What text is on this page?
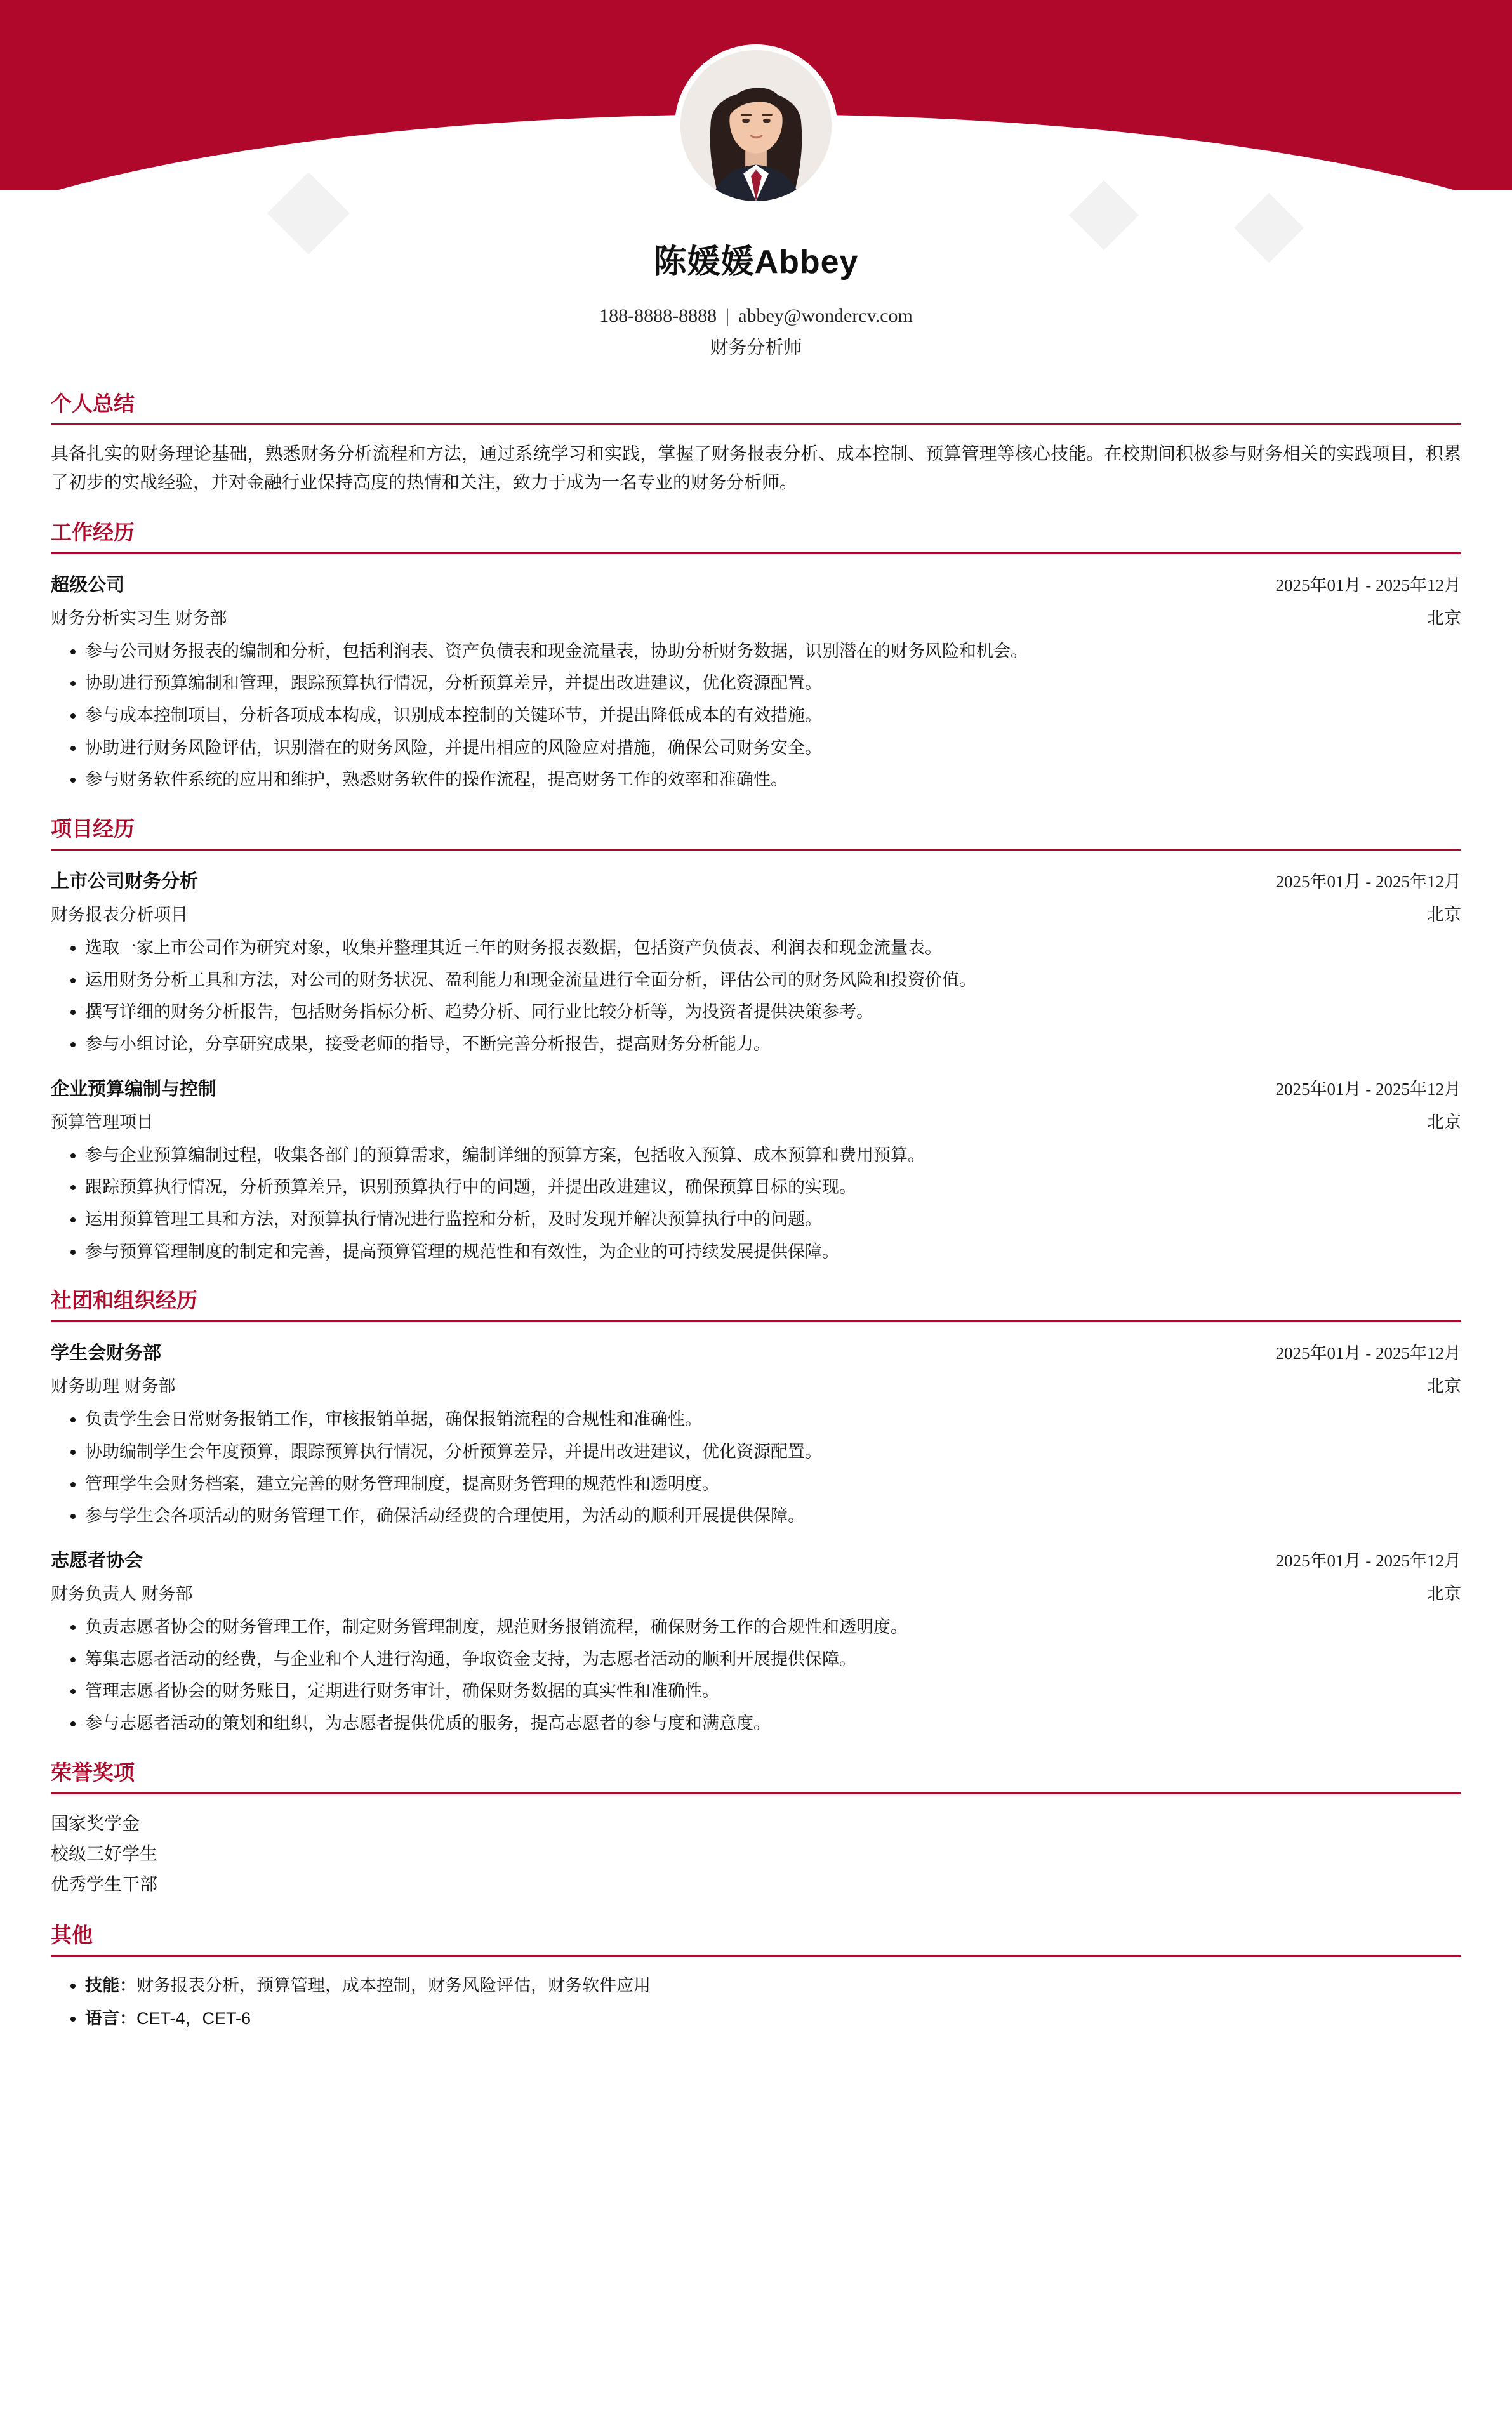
陈媛媛Abbey
188-8888-8888 | abbey@wondercv.com
财务分析师
个人总结
具备扎实的财务理论基础，熟悉财务分析流程和方法，通过系统学习和实践，掌握了财务报表分析、成本控制、预算管理等核心技能。在校期间积极参与财务相关的实践项目，积累了初步的实战经验，并对金融行业保持高度的热情和关注，致力于成为一名专业的财务分析师。
工作经历
超级公司	2025年01月 - 2025年12月
财务分析实习生 财务部	北京
• 参与公司财务报表的编制和分析，包括利润表、资产负债表和现金流量表，协助分析财务数据，识别潜在的财务风险和机会。
• 协助进行预算编制和管理，跟踪预算执行情况，分析预算差异，并提出改进建议，优化资源配置。
• 参与成本控制项目，分析各项成本构成，识别成本控制的关键环节，并提出降低成本的有效措施。
• 协助进行财务风险评估，识别潜在的财务风险，并提出相应的风险应对措施，确保公司财务安全。
• 参与财务软件系统的应用和维护，熟悉财务软件的操作流程，提高财务工作的效率和准确性。
项目经历
上市公司财务分析	2025年01月 - 2025年12月
财务报表分析项目	北京
• 选取一家上市公司作为研究对象，收集并整理其近三年的财务报表数据，包括资产负债表、利润表和现金流量表。
• 运用财务分析工具和方法，对公司的财务状况、盈利能力和现金流量进行全面分析，评估公司的财务风险和投资价值。
• 撰写详细的财务分析报告，包括财务指标分析、趋势分析、同行业比较分析等，为投资者提供决策参考。
• 参与小组讨论，分享研究成果，接受老师的指导，不断完善分析报告，提高财务分析能力。
企业预算编制与控制	2025年01月 - 2025年12月
预算管理项目	北京
• 参与企业预算编制过程，收集各部门的预算需求，编制详细的预算方案，包括收入预算、成本预算和费用预算。
• 跟踪预算执行情况，分析预算差异，识别预算执行中的问题，并提出改进建议，确保预算目标的实现。
• 运用预算管理工具和方法，对预算执行情况进行监控和分析，及时发现并解决预算执行中的问题。
• 参与预算管理制度的制定和完善，提高预算管理的规范性和有效性，为企业的可持续发展提供保障。
社团和组织经历
学生会财务部	2025年01月 - 2025年12月
财务助理 财务部	北京
• 负责学生会日常财务报销工作，审核报销单据，确保报销流程的合规性和准确性。
• 协助编制学生会年度预算，跟踪预算执行情况，分析预算差异，并提出改进建议，优化资源配置。
• 管理学生会财务档案，建立完善的财务管理制度，提高财务管理的规范性和透明度。
• 参与学生会各项活动的财务管理工作，确保活动经费的合理使用，为活动的顺利开展提供保障。
志愿者协会	2025年01月 - 2025年12月
财务负责人 财务部	北京
• 负责志愿者协会的财务管理工作，制定财务管理制度，规范财务报销流程，确保财务工作的合规性和透明度。
• 筹集志愿者活动的经费，与企业和个人进行沟通，争取资金支持，为志愿者活动的顺利开展提供保障。
• 管理志愿者协会的财务账目，定期进行财务审计，确保财务数据的真实性和准确性。
• 参与志愿者活动的策划和组织，为志愿者提供优质的服务，提高志愿者的参与度和满意度。
荣誉奖项
国家奖学金
校级三好学生
优秀学生干部
其他
• 技能：财务报表分析，预算管理，成本控制，财务风险评估，财务软件应用
• 语言：CET-4，CET-6
